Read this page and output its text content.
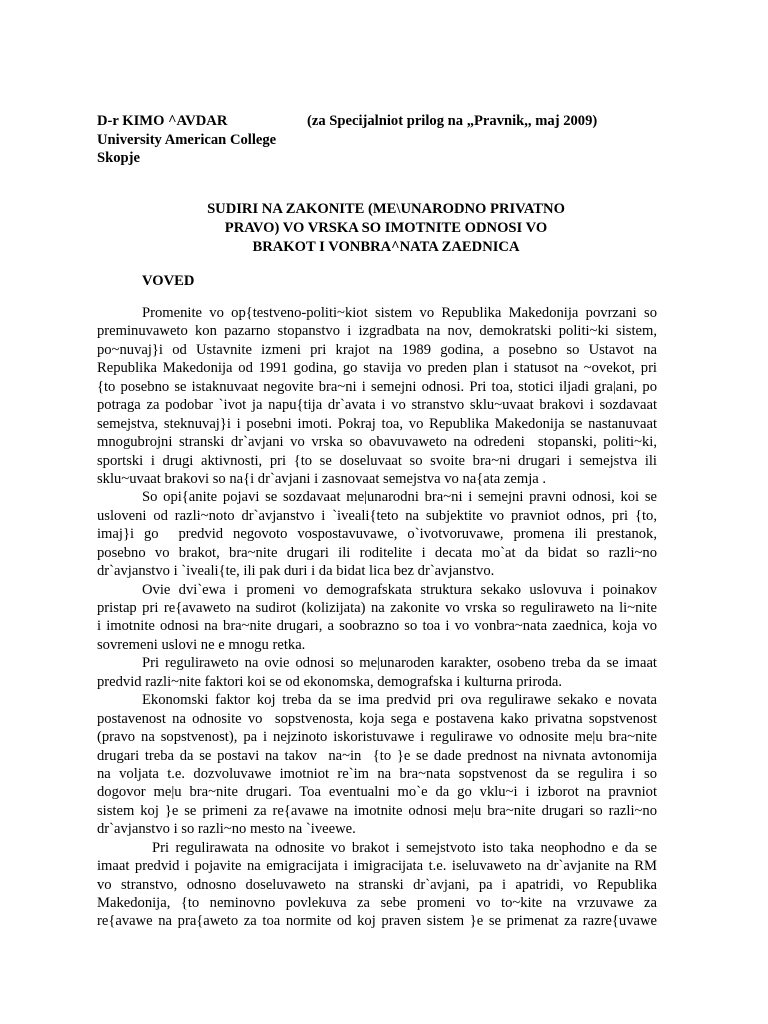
D-r KIMO ^AVDAR
University American College
Skopje
(za Specijalniot prilog na „Pravnik,, maj 2009)
SUDIRI NA ZAKONITE (ME\UNARODNO PRIVATNO
PRAVO) VO VRSKA SO IMOTNITE ODNOSI VO
BRAKOT I VONBRA^NATA ZAEDNICA
VOVED
Promenite vo op{testveno-politi~kiot sistem vo Republika Makedonija povrzani so
preminuvaweto kon pazarno stopanstvo i izgradbata na nov, demokratski politi~ki sistem,
po~nuvaj}i od Ustavnite izmeni pri krajot na 1989 godina, a posebno so Ustavot na
Republika Makedonija od 1991 godina, go stavija vo preden plan i statusot na ~ovekot, pri
{to posebno se istaknuvaat negovite bra~ni i semejni odnosi. Pri toa, stotici iljadi gra|ani, po
potraga za podobar `ivot ja napu{tija dr`avata i vo stranstvo sklu~uvaat brakovi i sozdavaat
semejstva, steknuvaj}i i posebni imoti. Pokraj toa, vo Republika Makedonija se nastanuvaat
mnogubrojni stranski dr`avjani vo vrska so obavuvaweto na odredeni  stopanski, politi~ki,
sportski i drugi aktivnosti, pri {to se doseluvaat so svoite bra~ni drugari i semejstva ili
sklu~uvaat brakovi so na{i dr`avjani i zasnovaat semejstva vo na{ata zemja .
So opi{anite pojavi se sozdavaat me|unarodni bra~ni i semejni pravni odnosi, koi se
usloveni od razli~noto dr`avjanstvo i `iveali{teto na subjektite vo pravniot odnos, pri {to,
imaj}i go  predvid negovoto vospostavuvawe, o`ivotvoruvawe, promena ili prestanok,
posebno vo brakot, bra~nite drugari ili roditelite i decata mo`at da bidat so razli~no
dr`avjanstvo i `iveali{te, ili pak duri i da bidat lica bez dr`avjanstvo.
Ovie dvi`ewa i promeni vo demografskata struktura sekako uslovuva i poinakov
pristap pri re{avaweto na sudirot (kolizijata) na zakonite vo vrska so reguliraweto na li~nite
i imotnite odnosi na bra~nite drugari, a soobrazno so toa i vo vonbra~nata zaednica, koja vo
sovremeni uslovi ne e mnogu retka.
Pri reguliraweto na ovie odnosi so me|unaroden karakter, osobeno treba da se imaat
predvid razli~nite faktori koi se od ekonomska, demografska i kulturna priroda.
Ekonomski faktor koj treba da se ima predvid pri ova regulirawe sekako e novata
postavenost na odnosite vo  sopstvenosta, koja sega e postavena kako privatna sopstvenost
(pravo na sopstvenost), pa i nejzinoto iskoristuvawe i regulirawe vo odnosite me|u bra~nite
drugari treba da se postavi na takov  na~in  {to }e se dade prednost na nivnata avtonomija
na voljata t.e. dozvoluvawe imotniot re`im na bra~nata sopstvenost da se regulira i so
dogovor me|u bra~nite drugari. Toa eventualni mo`e da go vklu~i i izborot na pravniot
sistem koj }e se primeni za re{avawe na imotnite odnosi me|u bra~nite drugari so razli~no
dr`avjanstvo i so razli~no mesto na `iveewe.
Pri regulirawata na odnosite vo brakot i semejstvoto isto taka neophodno e da se
imaat predvid i pojavite na emigracijata i imigracijata t.e. iseluvaweto na dr`avjanite na RM
vo stranstvo, odnosno doseluvaweto na stranski dr`avjani, pa i apatridi, vo Republika
Makedonija, {to neminovno povlekuva za sebe promeni vo to~kite na vrzuvawe za
re{avawe na pra{aweto za toa normite od koj praven sistem }e se primenat za razre{uvawe
